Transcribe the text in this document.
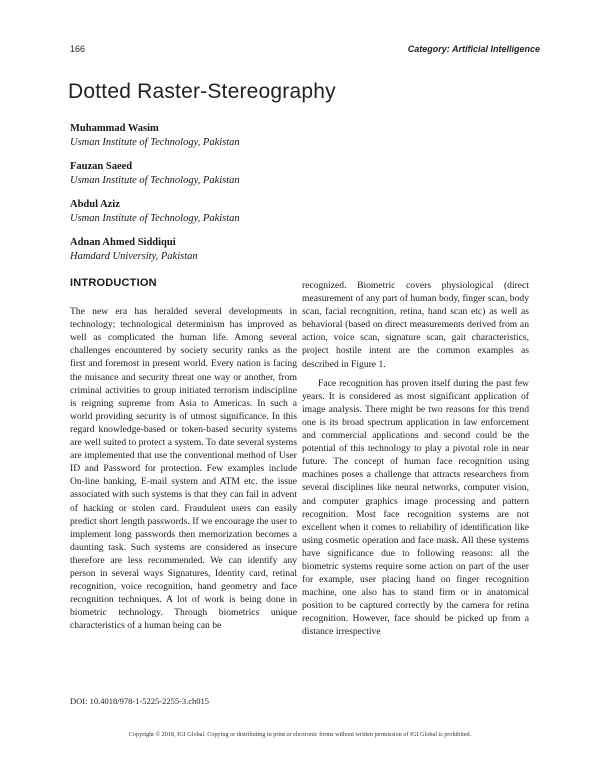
166	Category: Artificial Intelligence
Dotted Raster-Stereography
Muhammad Wasim
Usman Institute of Technology, Pakistan
Fauzan Saeed
Usman Institute of Technology, Pakistan
Abdul Aziz
Usman Institute of Technology, Pakistan
Adnan Ahmed Siddiqui
Hamdard University, Pakistan
INTRODUCTION

The new era has heralded several developments in technology; technological determinism has improved as well as complicated the human life. Among several challenges encountered by society security ranks as the first and foremost in present world. Every nation is facing the nuisance and security threat one way or another, from criminal activities to group initiated terrorism indiscipline is reigning supreme from Asia to Americas. In such a world providing security is of utmost significance. In this regard knowledge-based or token-based security systems are well suited to protect a system. To date several systems are implemented that use the conventional method of User ID and Password for protection. Few examples include On-line banking, E-mail system and ATM etc. the issue associated with such systems is that they can fail in advent of hacking or stolen card. Fraudulent users can easily predict short length passwords. If we encourage the user to implement long passwords then memorization becomes a daunting task. Such systems are considered as insecure therefore are less recommended. We can identify any person in several ways Signatures, Identity card, retinal recognition, voice recognition, hand geometry and face recognition techniques. A lot of work is being done in biometric technology. Through biometrics unique characteristics of a human being can be

recognized. Biometric covers physiological (direct measurement of any part of human body, finger scan, body scan, facial recognition, retina, hand scan etc) as well as behavioral (based on direct measurements derived from an action, voice scan, signature scan, gait characteristics, project hostile intent are the common examples as described in Figure 1.

Face recognition has proven itself during the past few years. It is considered as most significant application of image analysis. There might be two reasons for this trend one is its broad spectrum application in law enforcement and commercial applications and second could be the potential of this technology to play a pivotal role in near future. The concept of human face recognition using machines poses a challenge that attracts researchers from several disciplines like neural networks, computer vision, and computer graphics image processing and pattern recognition. Most face recognition systems are not excellent when it comes to reliability of identification like using cosmetic operation and face mask. All these systems have significance due to following reasons: all the biometric systems require some action on part of the user for example, user placing hand on finger recognition machine, one also has to stand firm or in anatomical position to be captured correctly by the camera for retina recognition. However, face should be picked up from a distance irrespective

DOI: 10.4018/978-1-5225-2255-3.ch015
Copyright © 2018, IGI Global. Copying or distributing in print or electronic forms without written permission of IGI Global is prohibited.
